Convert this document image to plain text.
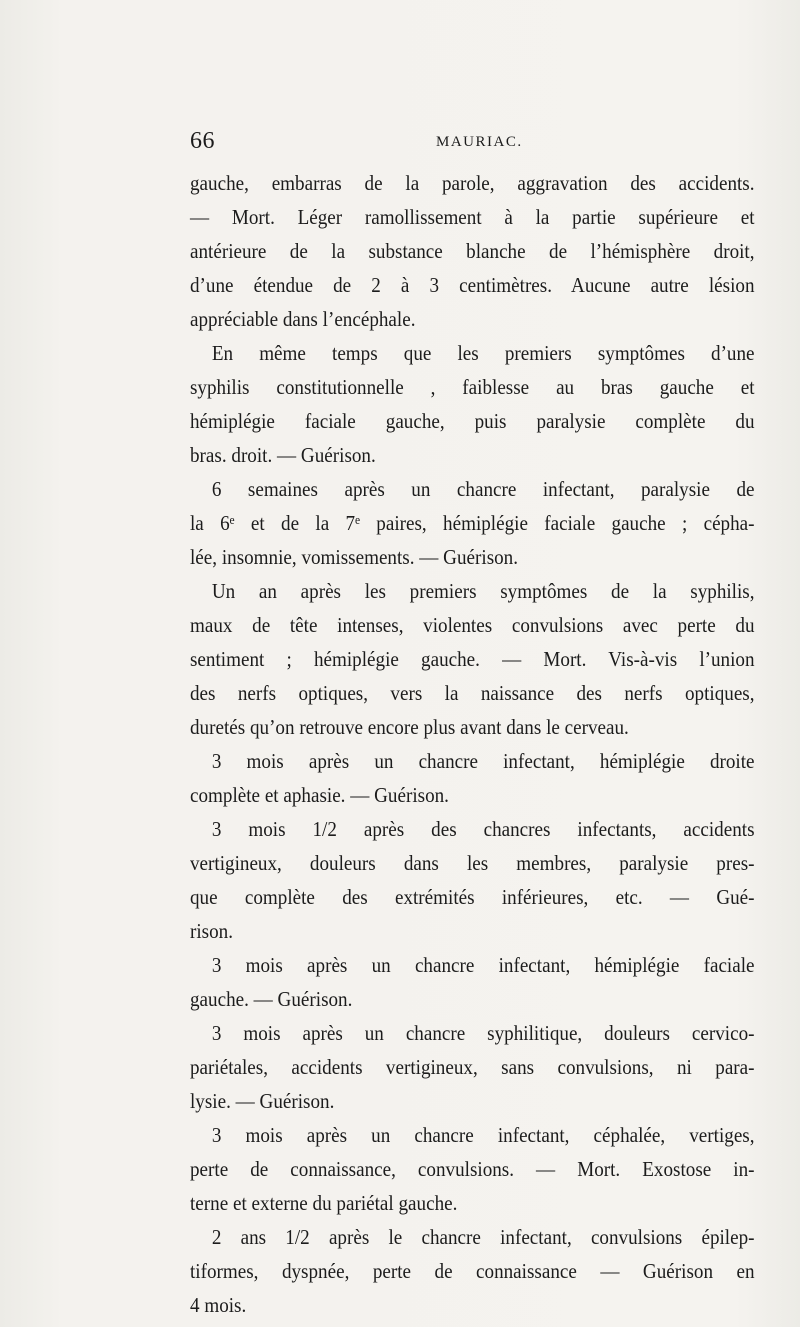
66	MAURIAC.
gauche, embarras de la parole, aggravation des accidents.
— Mort. Léger ramollissement à la partie supérieure et
antérieure de la substance blanche de l’hémisphère droit,
d’une étendue de 2 à 3 centimètres. Aucune autre lésion
appréciable dans l’encéphale.
En même temps que les premiers symptômes d’une
syphilis constitutionnelle , faiblesse au bras gauche et
hémiplégie faciale gauche, puis paralysie complète du
bras. droit. — Guérison.
6 semaines après un chancre infectant, paralysie de
la 6ᵉ et de la 7ᵉ paires, hémiplégie faciale gauche ; cépha-
lée, insomnie, vomissements. — Guérison.
Un an après les premiers symptômes de la syphilis,
maux de tête intenses, violentes convulsions avec perte du
sentiment ; hémiplégie gauche. — Mort. Vis-à-vis l’union
des nerfs optiques, vers la naissance des nerfs optiques,
duretés qu’on retrouve encore plus avant dans le cerveau.
3 mois après un chancre infectant, hémiplégie droite
complète et aphasie. — Guérison.
3 mois 1/2 après des chancres infectants, accidents
vertigineux, douleurs dans les membres, paralysie pres-
que complète des extrémités inférieures, etc. — Gué-
rison.
3 mois après un chancre infectant, hémiplégie faciale
gauche. — Guérison.
3 mois après un chancre syphilitique, douleurs cervico-
pariétales, accidents vertigineux, sans convulsions, ni para-
lysie. — Guérison.
3 mois après un chancre infectant, céphalée, vertiges,
perte de connaissance, convulsions. — Mort. Exostose in-
terne et externe du pariétal gauche.
2 ans 1/2 après le chancre infectant, convulsions épilep-
tiformes, dyspnée, perte de connaissance — Guérison en
4 mois.
